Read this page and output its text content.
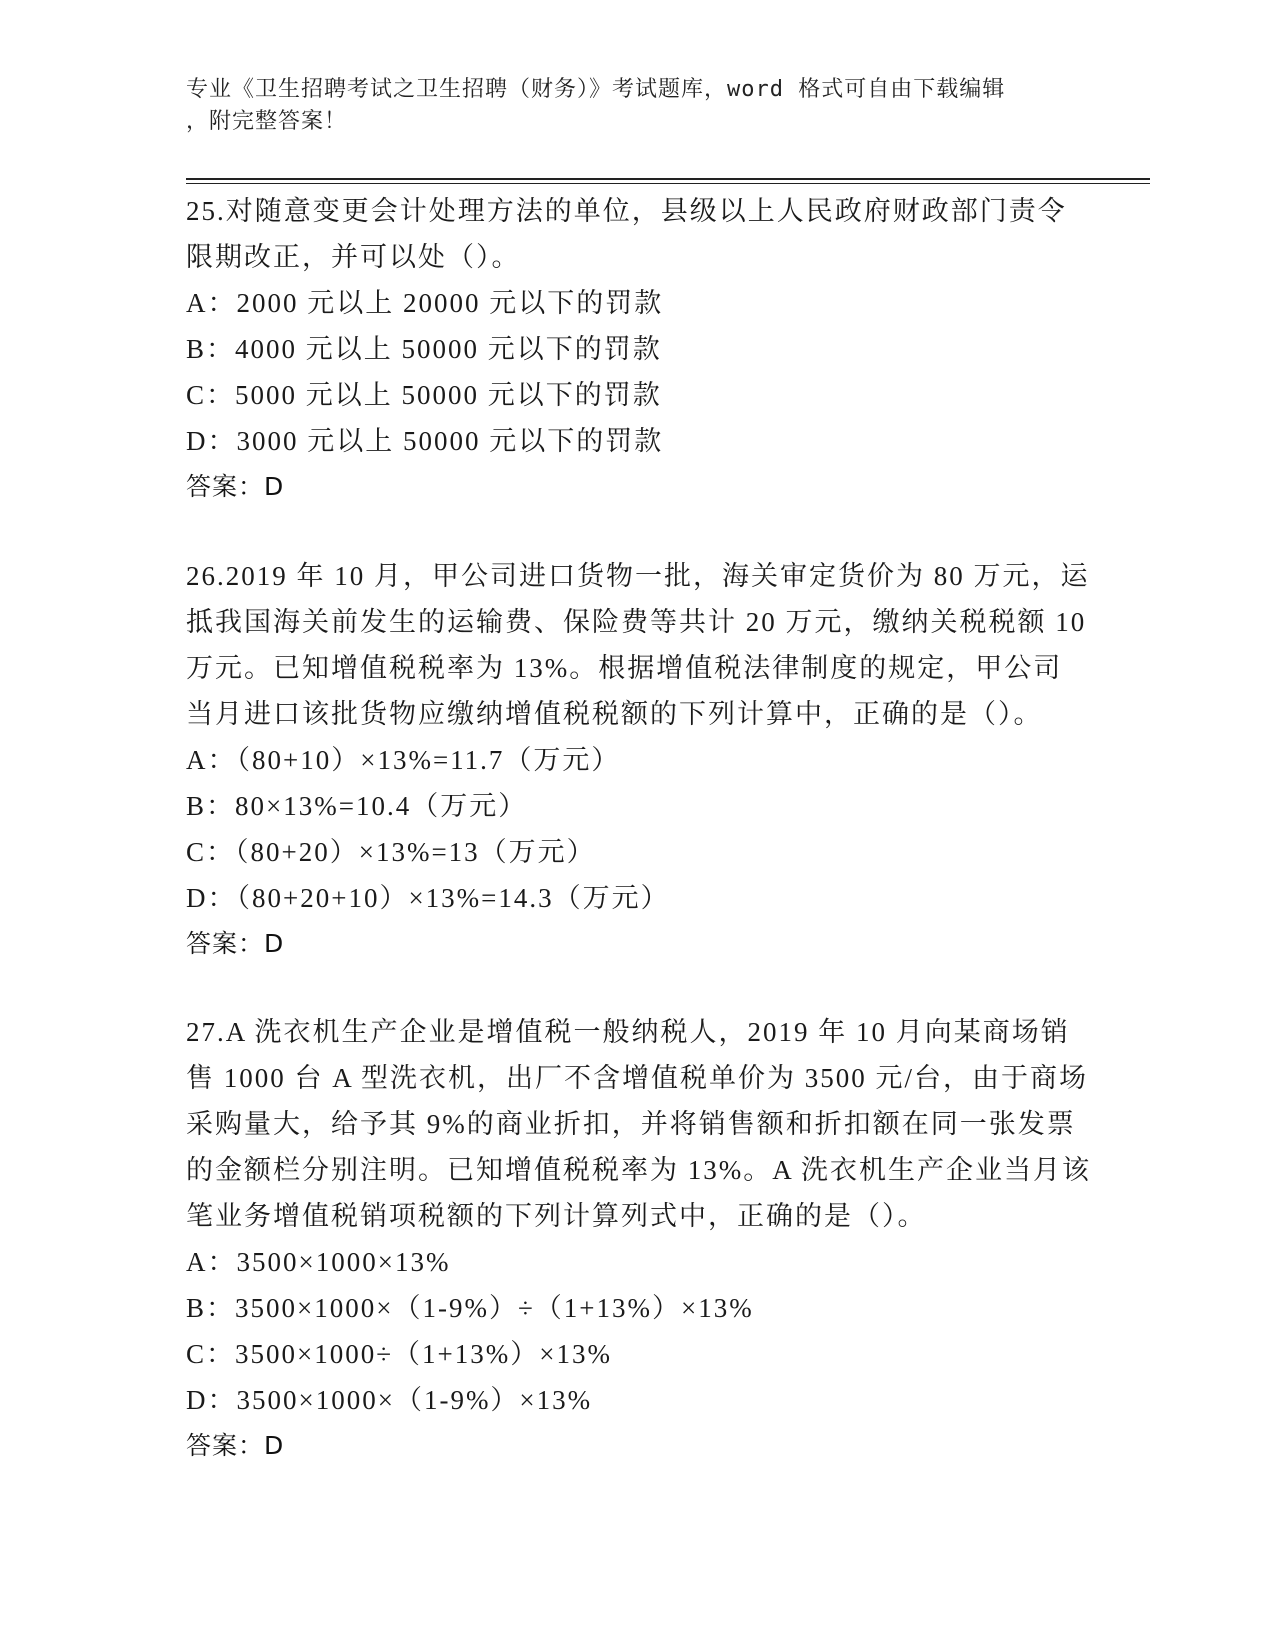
专业《卫生招聘考试之卫生招聘（财务）》考试题库，word 格式可自由下载编辑
，附完整答案！
25.对随意变更会计处理方法的单位，县级以上人民政府财政部门责令
限期改正，并可以处（）。
A：2000 元以上 20000 元以下的罚款
B：4000 元以上 50000 元以下的罚款
C：5000 元以上 50000 元以下的罚款
D：3000 元以上 50000 元以下的罚款
答案：D
26.2019 年 10 月，甲公司进口货物一批，海关审定货价为 80 万元，运
抵我国海关前发生的运输费、保险费等共计 20 万元，缴纳关税税额 10
万元。已知增值税税率为 13%。根据增值税法律制度的规定，甲公司
当月进口该批货物应缴纳增值税税额的下列计算中，正确的是（）。
A：（80+10）×13%=11.7（万元）
B：80×13%=10.4（万元）
C：（80+20）×13%=13（万元）
D：（80+20+10）×13%=14.3（万元）
答案：D
27.A 洗衣机生产企业是增值税一般纳税人，2019 年 10 月向某商场销
售 1000 台 A 型洗衣机，出厂不含增值税单价为 3500 元/台，由于商场
采购量大，给予其 9%的商业折扣，并将销售额和折扣额在同一张发票
的金额栏分别注明。已知增值税税率为 13%。A 洗衣机生产企业当月该
笔业务增值税销项税额的下列计算列式中，正确的是（）。
A：3500×1000×13%
B：3500×1000×（1-9%）÷（1+13%）×13%
C：3500×1000÷（1+13%）×13%
D：3500×1000×（1-9%）×13%
答案：D
